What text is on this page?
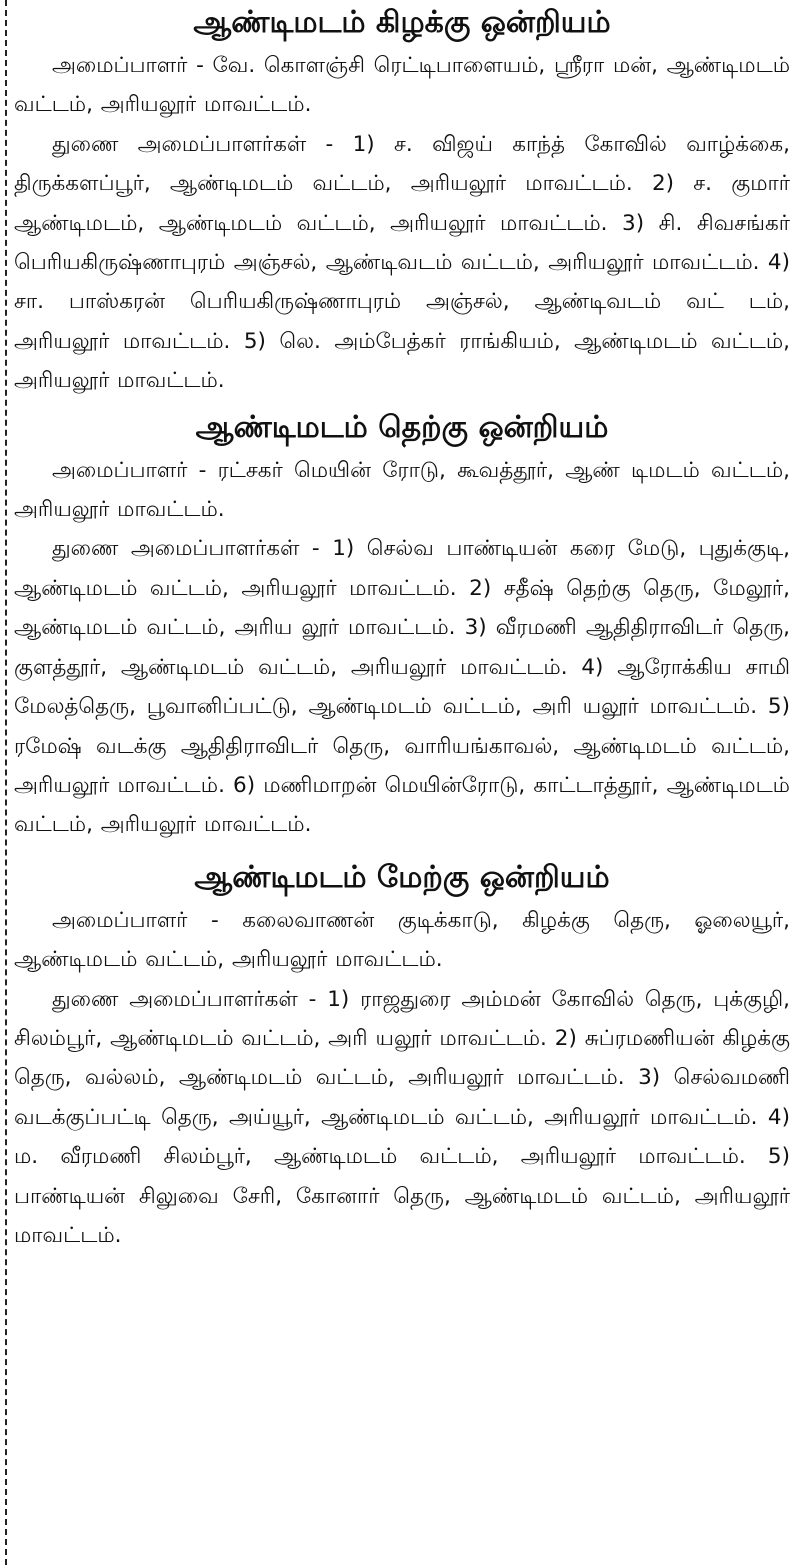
ஆண்டிமடம் கிழக்கு ஒன்றியம்

அமைப்பாளர் - வே. கொளஞ்சி ரெட்டிபாளையம், ஸ்ரீரா மன், ஆண்டிமடம் வட்டம், அரியலூர் மாவட்டம்.

துணை அமைப்பாளர்கள் - 1) ச. விஜய் காந்த் கோவில் வாழ்க்கை, திருக்களப்பூர், ஆண்டிமடம் வட்டம், அரியலூர் மாவட்டம். 2) ச. குமார் ஆண்டிமடம், ஆண்டிமடம் வட்டம், அரியலூர் மாவட்டம். 3) சி. சிவசங்கர் பெரியகிருஷ்ணாபுரம் அஞ்சல், ஆண்டிவடம் வட்டம், அரியலூர் மாவட்டம். 4) சா. பாஸ்கரன் பெரியகிருஷ்ணாபுரம் அஞ்சல், ஆண்டிவடம் வட் டம், அரியலூர் மாவட்டம். 5) லெ. அம்பேத்கர் ராங்கியம், ஆண்டிமடம் வட்டம், அரியலூர் மாவட்டம்.

ஆண்டிமடம் தெற்கு ஒன்றியம்

அமைப்பாளர் - ரட்சகர் மெயின் ரோடு, கூவத்தூர், ஆண் டிமடம் வட்டம், அரியலூர் மாவட்டம்.

துணை அமைப்பாளர்கள் - 1) செல்வ பாண்டியன் கரை மேடு, புதுக்குடி, ஆண்டிமடம் வட்டம், அரியலூர் மாவட்டம். 2) சதீஷ் தெற்கு தெரு, மேலூர், ஆண்டிமடம் வட்டம், அரிய லூர் மாவட்டம். 3) வீரமணி ஆதிதிராவிடர் தெரு, குளத்தூர், ஆண்டிமடம் வட்டம், அரியலூர் மாவட்டம். 4) ஆரோக்கிய சாமி மேலத்தெரு, பூவானிப்பட்டு, ஆண்டிமடம் வட்டம், அரி யலூர் மாவட்டம். 5) ரமேஷ் வடக்கு ஆதிதிராவிடர் தெரு, வாரியங்காவல், ஆண்டிமடம் வட்டம், அரியலூர் மாவட்டம். 6) மணிமாறன் மெயின்ரோடு, காட்டாத்தூர், ஆண்டிமடம் வட்டம், அரியலூர் மாவட்டம்.

ஆண்டிமடம் மேற்கு ஒன்றியம்

அமைப்பாளர் - கலைவாணன் குடிக்காடு, கிழக்கு தெரு, ஓலையூர், ஆண்டிமடம் வட்டம், அரியலூர் மாவட்டம்.

துணை அமைப்பாளர்கள் - 1) ராஜதுரை அம்மன் கோவில் தெரு, புக்குழி, சிலம்பூர், ஆண்டிமடம் வட்டம், அரி யலூர் மாவட்டம். 2) சுப்ரமணியன் கிழக்கு தெரு, வல்லம், ஆண்டிமடம் வட்டம், அரியலூர் மாவட்டம். 3) செல்வமணி வடக்குப்பட்டி தெரு, அய்யூர், ஆண்டிமடம் வட்டம், அரியலூர் மாவட்டம். 4) ம. வீரமணி சிலம்பூர், ஆண்டிமடம் வட்டம், அரியலூர் மாவட்டம். 5) பாண்டியன் சிலுவை சேரி, கோனார் தெரு, ஆண்டிமடம் வட்டம், அரியலூர் மாவட்டம்.
